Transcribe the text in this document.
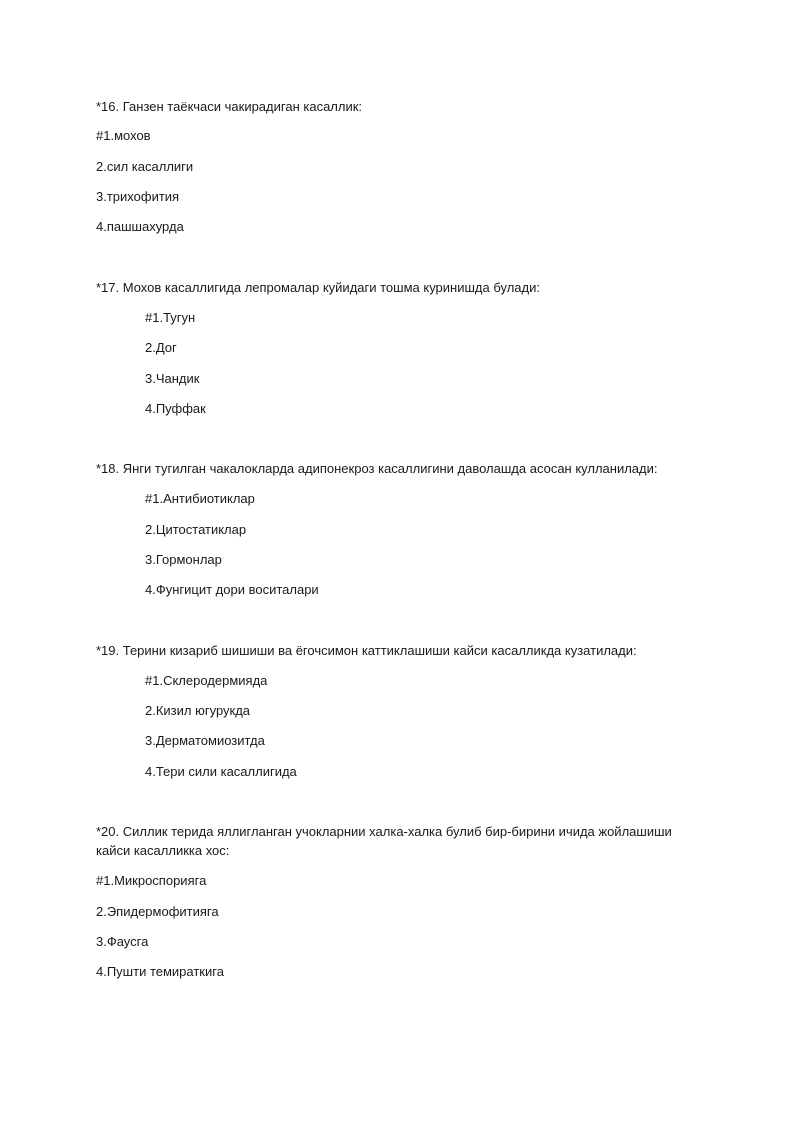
*16. Ганзен таёкчаси чакирадиган касаллик:
#1.мохов
2.сил касаллиги
3.трихофития
4.пашшахурда
*17. Мохов касаллигида лепромалар куйидаги тошма куринишда булади:
#1.Тугун
2.Дог
3.Чандик
4.Пуффак
*18. Янги тугилган чакалокларда адипонекроз касаллигини даволашда асосан кулланилади:
#1.Антибиотиклар
2.Цитостатиклар
3.Гормонлар
4.Фунгицит дори воситалари
*19. Терини кизариб шишиши ва ёгочсимон каттиклашиши кайси касалликда кузатилади:
#1.Склеродермияда
2.Кизил югурукда
3.Дерматомиозитда
4.Тери сили касаллигида
*20. Силлик терида яллигланган учокларнии халка-халка булиб бир-бирини ичида жойлашиши
кайси касалликка хос:
#1.Микроспорияга
2.Эпидермофитияга
3.Фаусга
4.Пушти темираткига
